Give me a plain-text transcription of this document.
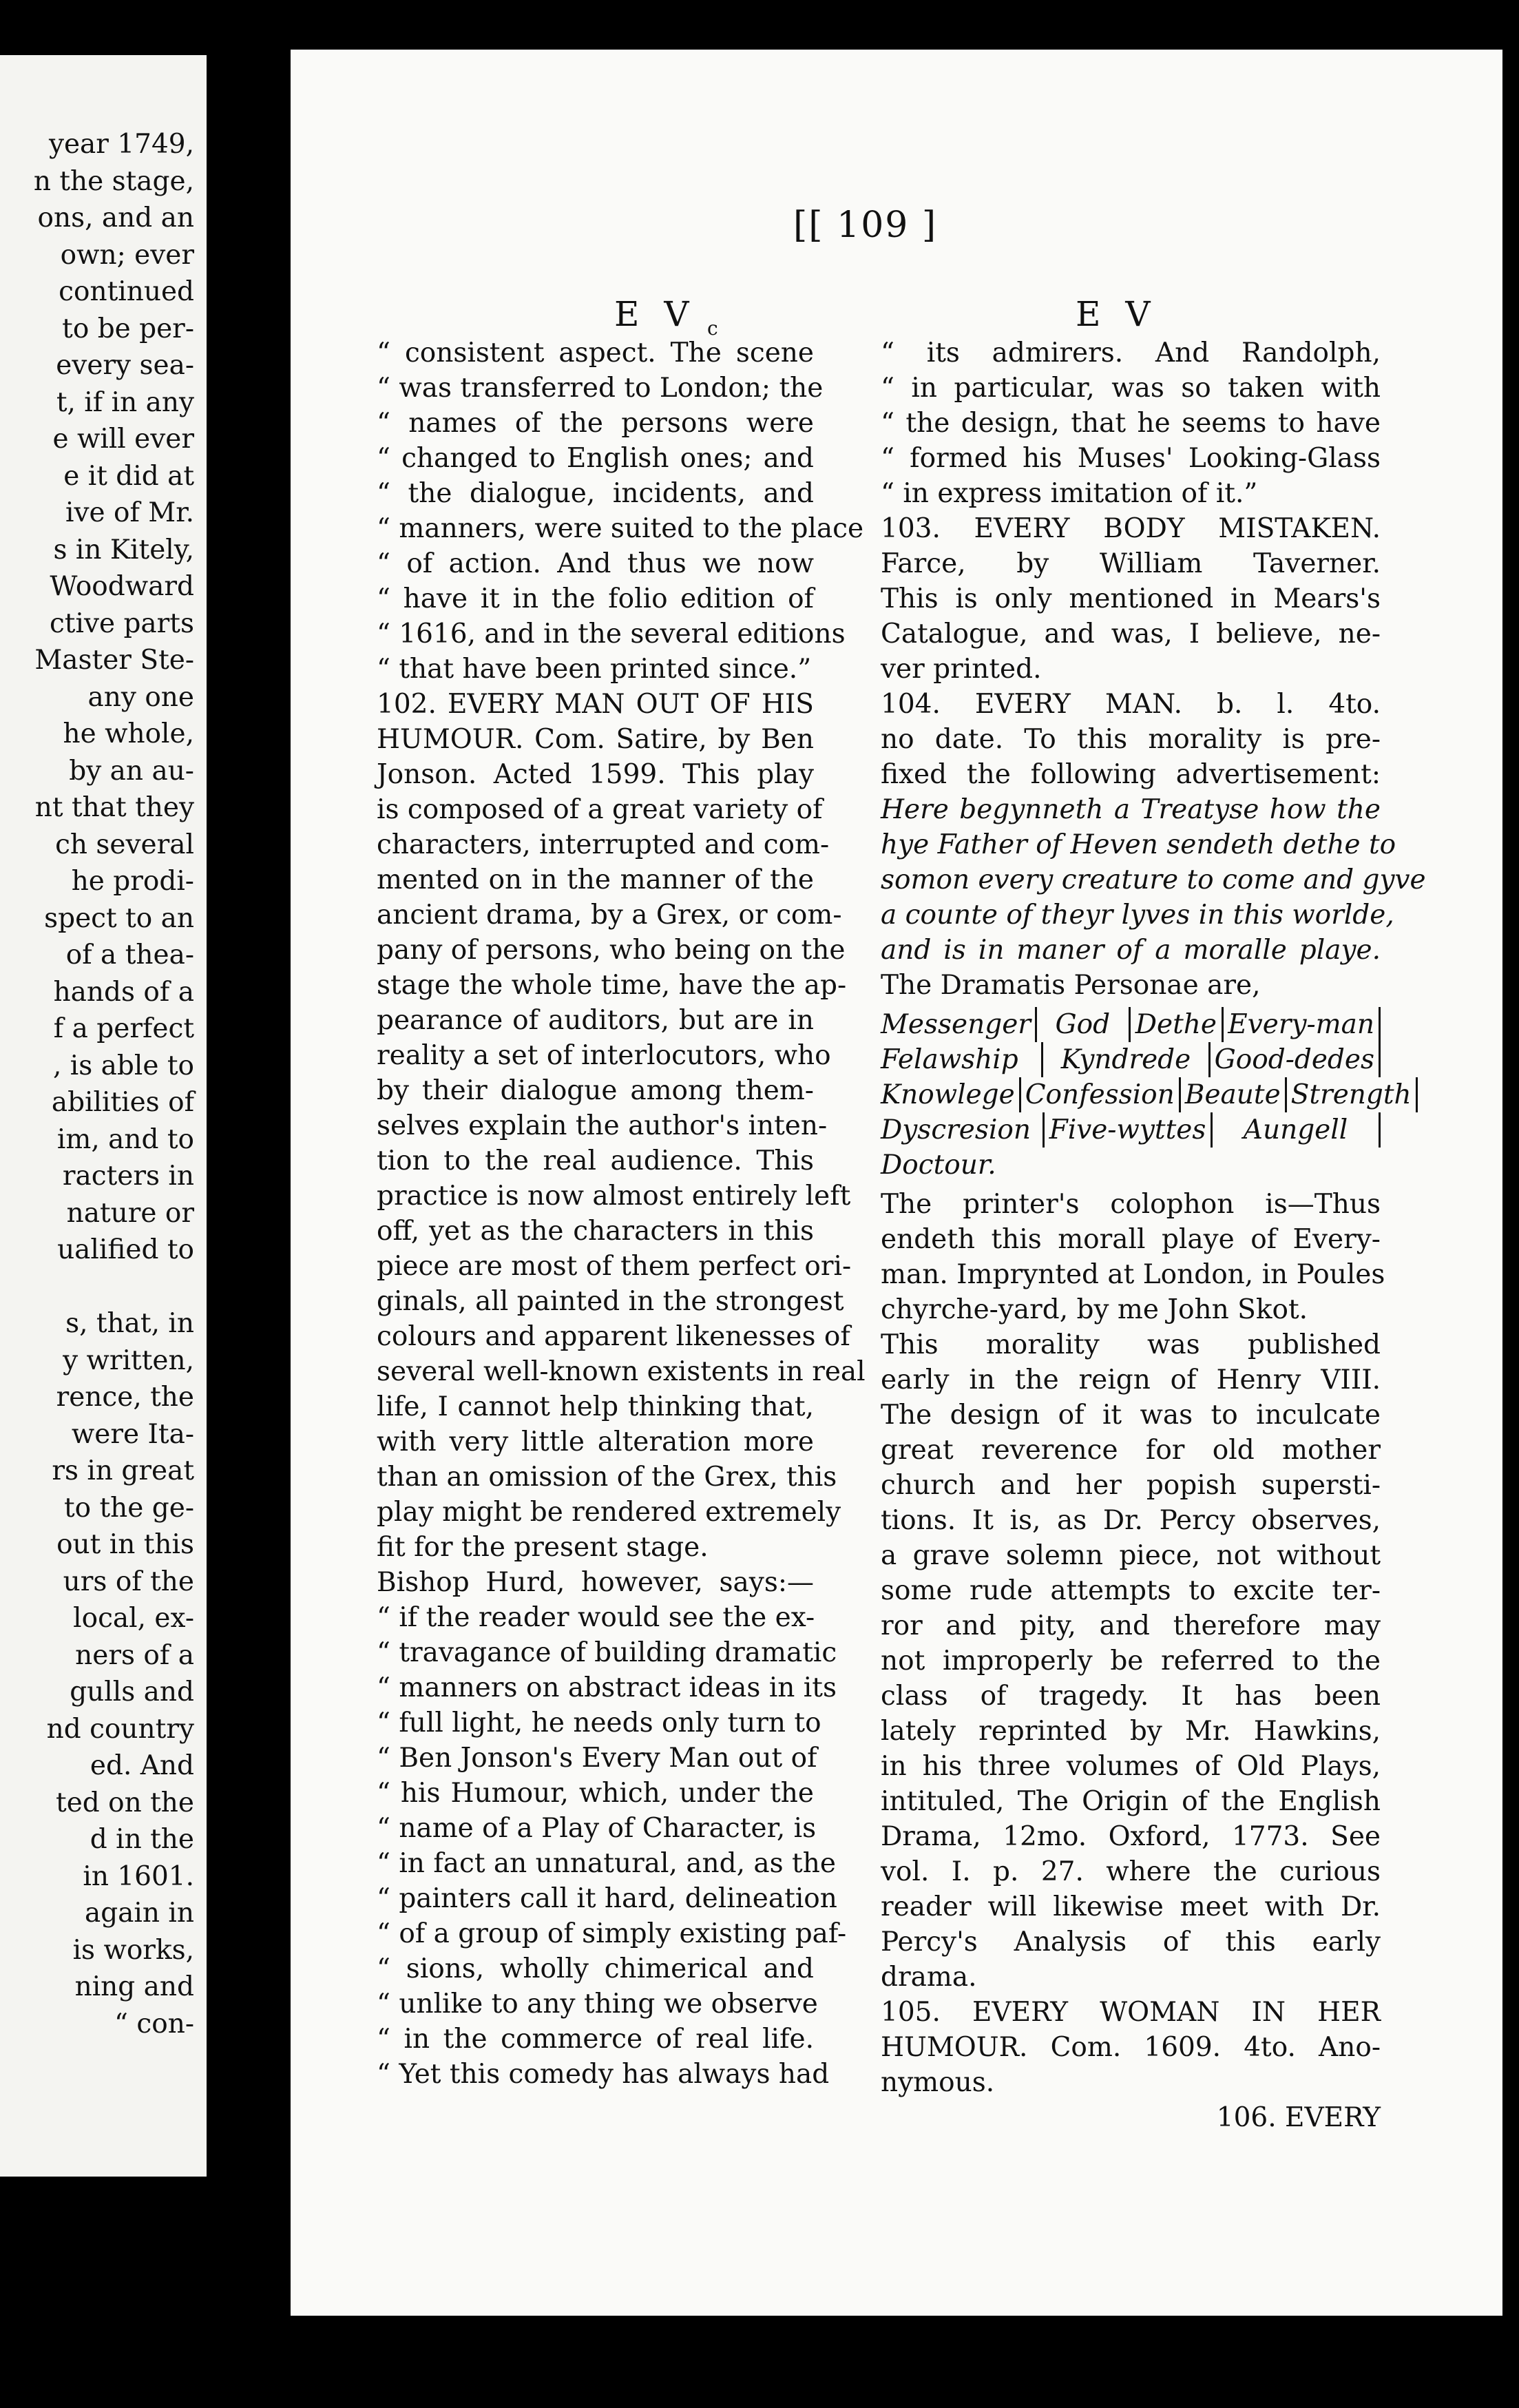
year 1749,
n the stage,
ons, and an
own; ever
continued
to be per-
every sea-
t, if in any
e will ever
e it did at
ive of Mr.
s in Kitely,
Woodward
ctive parts
Master Ste-
any one
he whole,
by an au-
nt that they
ch several
he prodi-
spect to an
of a thea-
hands of a
f a perfect
, is able to
abilities of
im, and to
racters in
nature or
ualified to
s, that, in
y written,
rence, the
were Ita-
rs in great
to the ge-
out in this
urs of the
local, ex-
ners of a
gulls and
nd country
ed. And
ted on the
d in the
in 1601.
again in
is works,
ning and
“ con-
[[ 109 ]
E V c	E V
“ consistent aspect. The scene
“ was transferred to London; the
“ names of the persons were
“ changed to English ones; and
“ the dialogue, incidents, and
“ manners, were suited to the place
“ of action. And thus we now
“ have it in the folio edition of
“ 1616, and in the several editions
“ that have been printed since.”
102. EVERY MAN OUT OF HIS
HUMOUR. Com. Satire, by Ben
Jonson. Acted 1599. This play
is composed of a great variety of
characters, interrupted and com-
mented on in the manner of the
ancient drama, by a Grex, or com-
pany of persons, who being on the
stage the whole time, have the ap-
pearance of auditors, but are in
reality a set of interlocutors, who
by their dialogue among them-
selves explain the author's inten-
tion to the real audience. This
practice is now almost entirely left
off, yet as the characters in this
piece are most of them perfect ori-
ginals, all painted in the strongest
colours and apparent likenesses of
several well-known existents in real
life, I cannot help thinking that,
with very little alteration more
than an omission of the Grex, this
play might be rendered extremely
fit for the present stage.
Bishop Hurd, however, says:—
“ if the reader would see the ex-
“ travagance of building dramatic
“ manners on abstract ideas in its
“ full light, he needs only turn to
“ Ben Jonson's Every Man out of
“ his Humour, which, under the
“ name of a Play of Character, is
“ in fact an unnatural, and, as the
“ painters call it hard, delineation
“ of a group of simply existing paf-
“ sions, wholly chimerical and
“ unlike to any thing we observe
“ in the commerce of real life.
“ Yet this comedy has always had
“ its admirers. And Randolph,
“ in particular, was so taken with
“ the design, that he seems to have
“ formed his Muses' Looking-Glass
“ in express imitation of it.”
103. EVERY BODY MISTAKEN.
Farce, by William Taverner.
This is only mentioned in Mears's
Catalogue, and was, I believe, ne-
ver printed.
104. EVERY MAN. b. l. 4to.
no date. To this morality is pre-
fixed the following advertisement:
Here begynneth a Treatyse how the
hye Father of Heven sendeth dethe to
somon every creature to come and gyve
a counte of theyr lyves in this worlde,
and is in maner of a moralle playe.
The Dramatis Personae are,
Messenger God Dethe Every-man
Felawship	Kyndrede Good-dedes
Knowlege Confession Beaute Strength
Dyscresion Five-wyttes	Aungell
Doctour.
The printer's colophon is—Thus
endeth this morall playe of Every-
man. Imprynted at London, in Poules
chyrche-yard, by me John Skot.
This morality was published
early in the reign of Henry VIII.
The design of it was to inculcate
great reverence for old mother
church and her popish supersti-
tions. It is, as Dr. Percy observes,
a grave solemn piece, not without
some rude attempts to excite ter-
ror and pity, and therefore may
not improperly be referred to the
class of tragedy. It has been
lately reprinted by Mr. Hawkins,
in his three volumes of Old Plays,
intituled, The Origin of the English
Drama, 12mo. Oxford, 1773. See
vol. I. p. 27. where the curious
reader will likewise meet with Dr.
Percy's Analysis of this early
drama.
105. EVERY WOMAN IN HER
HUMOUR. Com. 1609. 4to. Ano-
nymous.
106. EVERY
